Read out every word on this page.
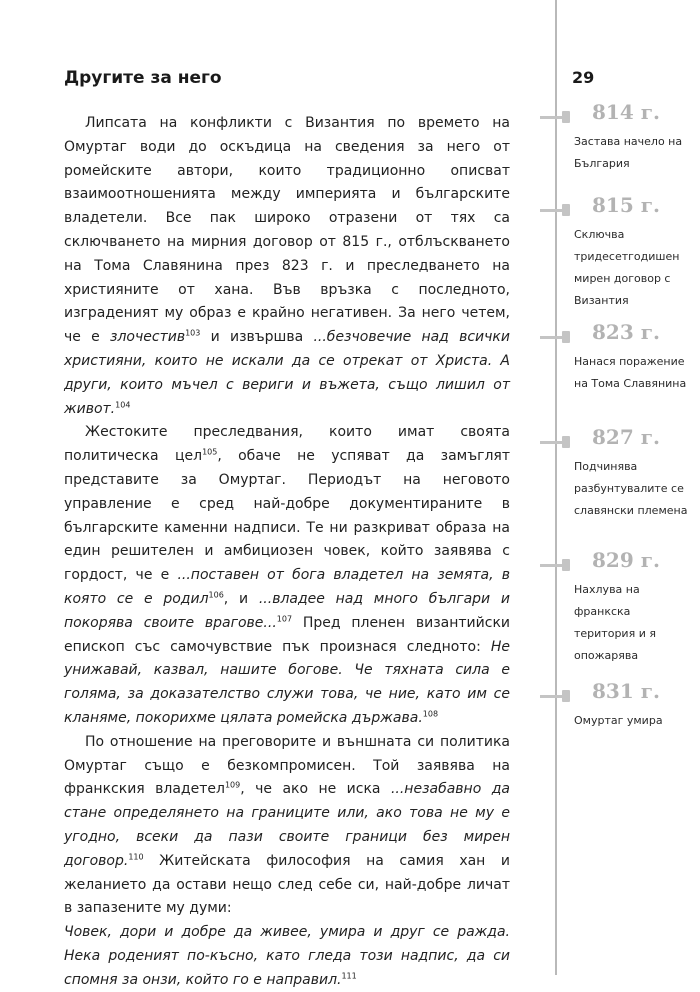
Другите за него	29

Липсата на конфликти с Византия по времето на Омуртаг води до оскъдица на сведения за него от ромейските автори, които традиционно описват взаимоотношенията между империята и българските владетели. Все пак широко отразени от тях са сключването на мирния договор от 815 г., отблъскването на Тома Славянина през 823 г. и преследването на християните от хана. Във връзка с последното, изграденият му образ е крайно негативен. За него четем, че е злочестив$^{103}$ и извършва ...безчовечие над всички християни, които не искали да се отрекат от Христа. А други, които мъчел с вериги и въжета, също лишил от живот.$^{104}$

Жестоките преследвания, които имат своята политическа цел$^{105}$, обаче не успяват да замъглят представите за Омуртаг. Периодът на неговото управление е сред най-добре документираните в българските каменни надписи. Те ни разкриват образа на един решителен и амбициозен човек, който заявява с гордост, че е ...поставен от бога владетел на земята, в която се е родил$^{106}$, и ...владее над много българи и покорява своите врагове...$^{107}$ Пред пленен византийски епископ със самочувствие пък произнася следното: Не унижавай, казвал, нашите богове. Че тяхната сила е голяма, за доказателство служи това, че ние, като им се кланяме, покорихме цялата ромейска държава.$^{108}$

По отношение на преговорите и външната си политика Омуртаг също е безкомпромисен. Той заявява на франкския владетел$^{109}$, че ако не иска ...незабавно да стане определянето на границите или, ако това не му е угодно, всеки да пази своите граници без мирен договор.$^{110}$ Житейската философия на самия хан и желанието да остави нещо след себе си, най-добре личат в запазените му думи:

Човек, дори и добре да живее, умира и друг се ражда. Нека роденият по-късно, като гледа този надпис, да си спомня за онзи, който го е направил.$^{111}$

814 г.
Застава начело на България
815 г.
Сключва тридесетгодишен мирен договор с Византия
823 г.
Нанася поражение на Тома Славянина
827 г.
Подчинява разбунтувалите се славянски племена
829 г.
Нахлува на франкска територия и я опожарява
831 г.
Омуртаг умира
